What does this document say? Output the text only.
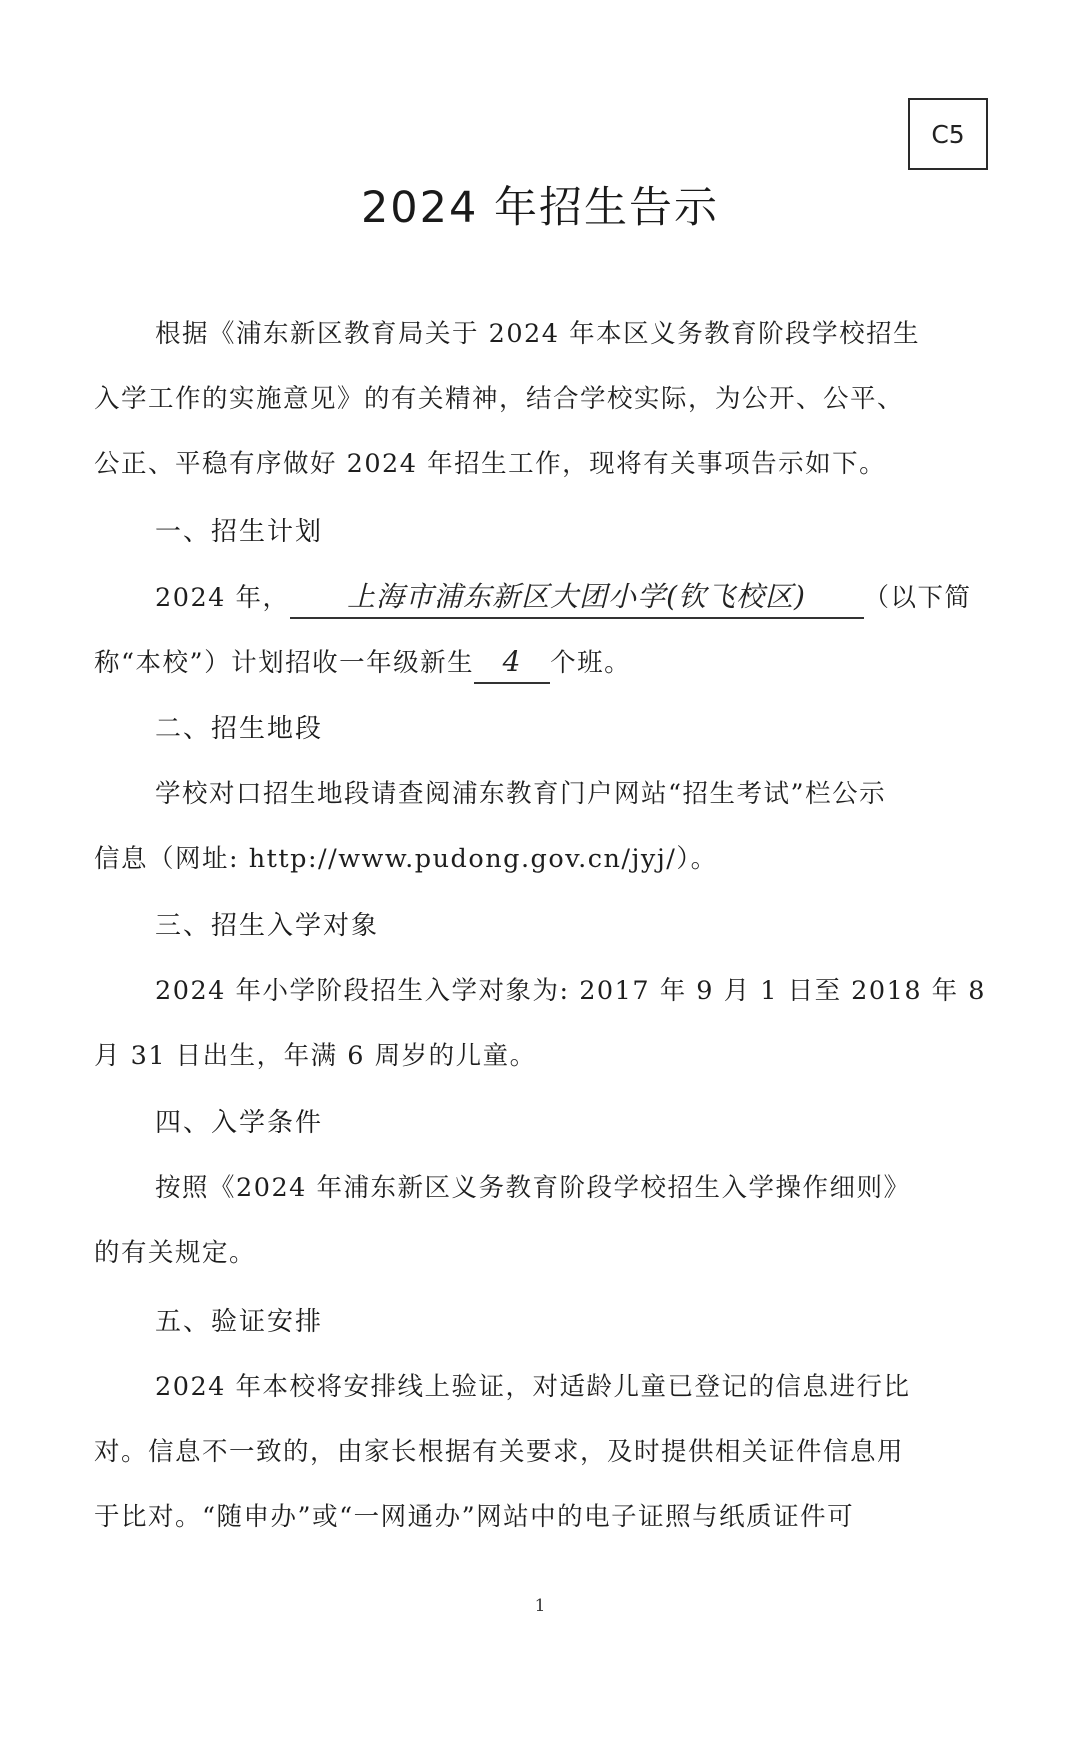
C5
2024 年招生告示
根据《浦东新区教育局关于 2024 年本区义务教育阶段学校招生
入学工作的实施意见》的有关精神，结合学校实际，为公开、公平、
公正、平稳有序做好 2024 年招生工作，现将有关事项告示如下。
一、招生计划
2024 年， 上海市浦东新区大团小学(钦飞校区) （以下简
称“本校”）计划招收一年级新生 4 个班。
二、招生地段
学校对口招生地段请查阅浦东教育门户网站“招生考试”栏公示
信息（网址: http://www.pudong.gov.cn/jyj/）。
三、招生入学对象
2024 年小学阶段招生入学对象为: 2017 年 9 月 1 日至 2018 年 8
月 31 日出生，年满 6 周岁的儿童。
四、入学条件
按照《2024 年浦东新区义务教育阶段学校招生入学操作细则》
的有关规定。
五、验证安排
2024 年本校将安排线上验证，对适龄儿童已登记的信息进行比
对。信息不一致的，由家长根据有关要求，及时提供相关证件信息用
于比对。“随申办”或“一网通办”网站中的电子证照与纸质证件可
1
